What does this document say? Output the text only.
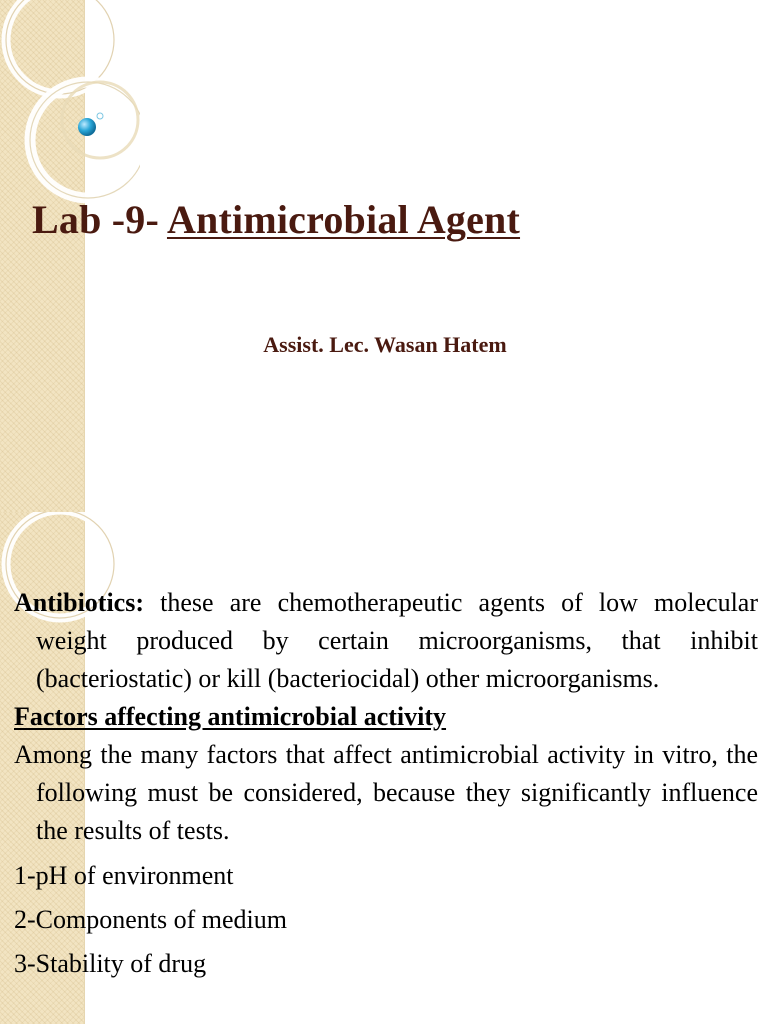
Lab -9- Antimicrobial Agent
Assist. Lec. Wasan Hatem

Antibiotics: these are chemotherapeutic agents of low molecular weight produced by certain microorganisms, that inhibit (bacteriostatic) or kill (bacteriocidal) other microorganisms.

Factors affecting antimicrobial activity

Among the many factors that affect antimicrobial activity in vitro, the following must be considered, because they significantly influence the results of tests.

1-pH of environment
2-Components of medium
3-Stability of drug
